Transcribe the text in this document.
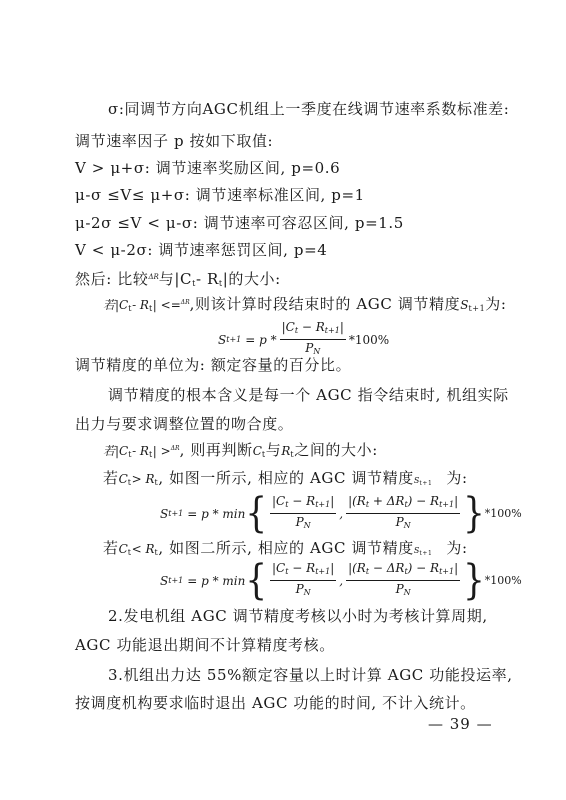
σ:同调节方向AGC机组上一季度在线调节速率系数标准差:
调节速率因子 p 按如下取值:
V > μ+σ: 调节速率奖励区间, p=0.6
μ-σ ≤V≤ μ+σ: 调节速率标准区间, p=1
μ-2σ ≤V < μ-σ: 调节速率可容忍区间, p=1.5
V < μ-2σ: 调节速率惩罚区间, p=4
然后: 比较$^{\Delta R}$与|Ct- Rt|的大小:
若|Ct- Rt| <=$^{\Delta R}$,则该计算时段结束时的 AGC 调节精度St+1为:
S $t+1 = p * \frac{|Ct - Rt+1|}{PN} *100\%$
调节精度的单位为: 额定容量的百分比。
调节精度的根本含义是每一个 AGC 指令结束时, 机组实际
出力与要求调整位置的吻合度。
若|Ct- Rt| >$^{\Delta R}$, 则再判断Ct与Rt之间的大小:
若Ct> Rt, 如图一所示, 相应的 AGC 调节精度St+1 为:
S t+1 = p * min { $\frac{|Ct - Rt+1|}{PN}$ , $\frac{\text{|(Rt + ΔRt) − Rt+1|}}{PN}$ } *100%
若Ct< Rt, 如图二所示, 相应的 AGC 调节精度St+1 为:
S t+1 = p * min { $\frac{|Ct - Rt+1|}{PN}$ , $\frac{\text{|(Rt − ΔRt) − Rt+1|}}{PN}$ } *100%
2.发电机组 AGC 调节精度考核以小时为考核计算周期,
AGC 功能退出期间不计算精度考核。
3.机组出力达 55%额定容量以上时计算 AGC 功能投运率,
按调度机构要求临时退出 AGC 功能的时间, 不计入统计。
— 39 —
